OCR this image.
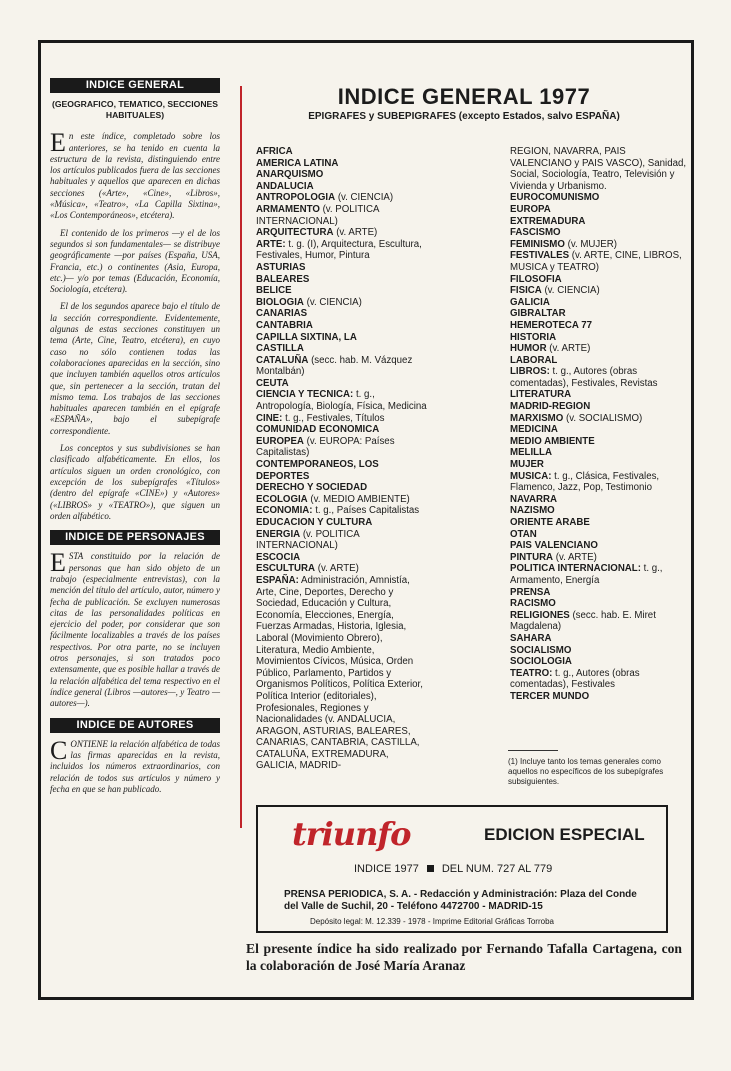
INDICE GENERAL
(GEOGRAFICO, TEMATICO, SECCIONES HABITUALES)

En este índice, completado sobre los anteriores, se ha tenido en cuenta la estructura de la revista, distinguiendo entre los artículos publicados fuera de las secciones habituales y aquellos que aparecen en dichas secciones («Arte», «Cine», «Libros», «Música», «Teatro», «La Capilla Sixtina», «Los Contemporáneos», etcétera).

El contenido de los primeros —y el de los segundos si son fundamentales— se distribuye geográficamente —por países (España, USA, Francia, etc.) o continentes (Asia, Europa, etc.)— y/o por temas (Educación, Economía, Sociología, etcétera).

El de los segundos aparece bajo el título de la sección correspondiente. Evidentemente, algunas de estas secciones constituyen un tema (Arte, Cine, Teatro, etcétera), en cuyo caso no sólo contienen todas las colaboraciones aparecidas en la sección, sino que incluyen también aquellos otros artículos que, sin pertenecer a la sección, tratan del mismo tema. Los trabajos de las secciones habituales aparecen también en el epígrafe «ESPAÑA», bajo el subepígrafe correspondiente.

Los conceptos y sus subdivisiones se han clasificado alfabéticamente. En ellos, los artículos siguen un orden cronológico, con excepción de los subepígrafes «Títulos» (dentro del epígrafe «CINE») y «Autores» («LIBROS» y «TEATRO»), que siguen un orden alfabético.

INDICE DE PERSONAJES

ESTA constituido por la relación de personas que han sido objeto de un trabajo (especialmente entrevistas), con la mención del título del artículo, autor, número y fecha de publicación. Se excluyen numerosas citas de las personalidades políticas en ejercicio del poder, por considerar que son fácilmente localizables a través de los países respectivos. Por otra parte, no se incluyen otros personajes, si son tratados poco extensamente, que es posible hallar a través de la relación alfabética del tema respectivo en el índice general (Libros —autores—, y Teatro —autores—).

INDICE DE AUTORES

CONTIENE la relación alfabética de todas las firmas aparecidas en la revista, incluidos los números extraordinarios, con relación de todos sus artículos y número y fecha en que se han publicado.

INDICE GENERAL 1977
EPIGRAFES y SUBEPIGRAFES (excepto Estados, salvo ESPAÑA)
AFRICA
AMERICA LATINA
ANARQUISMO
ANDALUCIA
ANTROPOLOGIA (v. CIENCIA)
ARMAMENTO (v. POLITICA INTERNACIONAL)
ARQUITECTURA (v. ARTE)
ARTE: t. g. (I), Arquitectura, Escultura, Festivales, Humor, Pintura
ASTURIAS
BALEARES
BELICE
BIOLOGIA (v. CIENCIA)
CANARIAS
CANTABRIA
CAPILLA SIXTINA, LA
CASTILLA
CATALUÑA (secc. hab. M. Vázquez Montalbán)
CEUTA
CIENCIA Y TECNICA: t. g., Antropología, Biología, Física, Medicina
CINE: t. g., Festivales, Títulos
COMUNIDAD ECONOMICA EUROPEA (v. EUROPA: Países Capitalistas)
CONTEMPORANEOS, LOS
DEPORTES
DERECHO Y SOCIEDAD
ECOLOGIA (v. MEDIO AMBIENTE)
ECONOMIA: t. g., Países Capitalistas
EDUCACION Y CULTURA
ENERGIA (v. POLITICA INTERNACIONAL)
ESCOCIA
ESCULTURA (v. ARTE)
ESPAÑA: Administración, Amnistía, Arte, Cine, Deportes, Derecho y Sociedad, Educación y Cultura, Economía, Elecciones, Energía, Fuerzas Armadas, Historia, Iglesia, Laboral (Movimiento Obrero), Literatura, Medio Ambiente, Movimientos Cívicos, Música, Orden Público, Parlamento, Partidos y Organismos Políticos, Política Exterior, Política Interior (editoriales), Profesionales, Regiones y Nacionalidades (v. ANDALUCIA, ARAGON, ASTURIAS, BALEARES, CANARIAS, CANTABRIA, CASTILLA, CATALUÑA, EXTREMADURA, GALICIA, MADRID-
REGION, NAVARRA, PAIS VALENCIANO y PAIS VASCO), Sanidad, Social, Sociología, Teatro, Televisión y Vivienda y Urbanismo.
EUROCOMUNISMO
EUROPA
EXTREMADURA
FASCISMO
FEMINISMO (v. MUJER)
FESTIVALES (v. ARTE, CINE, LIBROS, MUSICA y TEATRO)
FILOSOFIA
FISICA (v. CIENCIA)
GALICIA
GIBRALTAR
HEMEROTECA 77
HISTORIA
HUMOR (v. ARTE)
LABORAL
LIBROS: t. g., Autores (obras comentadas), Festivales, Revistas
LITERATURA
MADRID-REGION
MARXISMO (v. SOCIALISMO)
MEDICINA
MEDIO AMBIENTE
MELILLA
MUJER
MUSICA: t. g., Clásica, Festivales, Flamenco, Jazz, Pop, Testimonio
NAVARRA
NAZISMO
ORIENTE ARABE
OTAN
PAIS VALENCIANO
PINTURA (v. ARTE)
POLITICA INTERNACIONAL: t. g., Armamento, Energía
PRENSA
RACISMO
RELIGIONES (secc. hab. E. Miret Magdalena)
SAHARA
SOCIALISMO
SOCIOLOGIA
TEATRO: t. g., Autores (obras comentadas), Festivales
TERCER MUNDO
(1) Incluye tanto los temas generales como aquellos no específicos de los subepígrafes subsiguientes.
triunfo	EDICION ESPECIAL
INDICE 1977 DEL NUM. 727 AL 779
PRENSA PERIODICA, S. A. - Redacción y Administración: Plaza del Conde del Valle de Suchil, 20 - Teléfono 4472700 - MADRID-15
Depósito legal: M. 12.339 - 1978 - Imprime Editorial Gráficas Torroba
El presente índice ha sido realizado por Fernando Tafalla Cartagena, con la colaboración de José María Aranaz
